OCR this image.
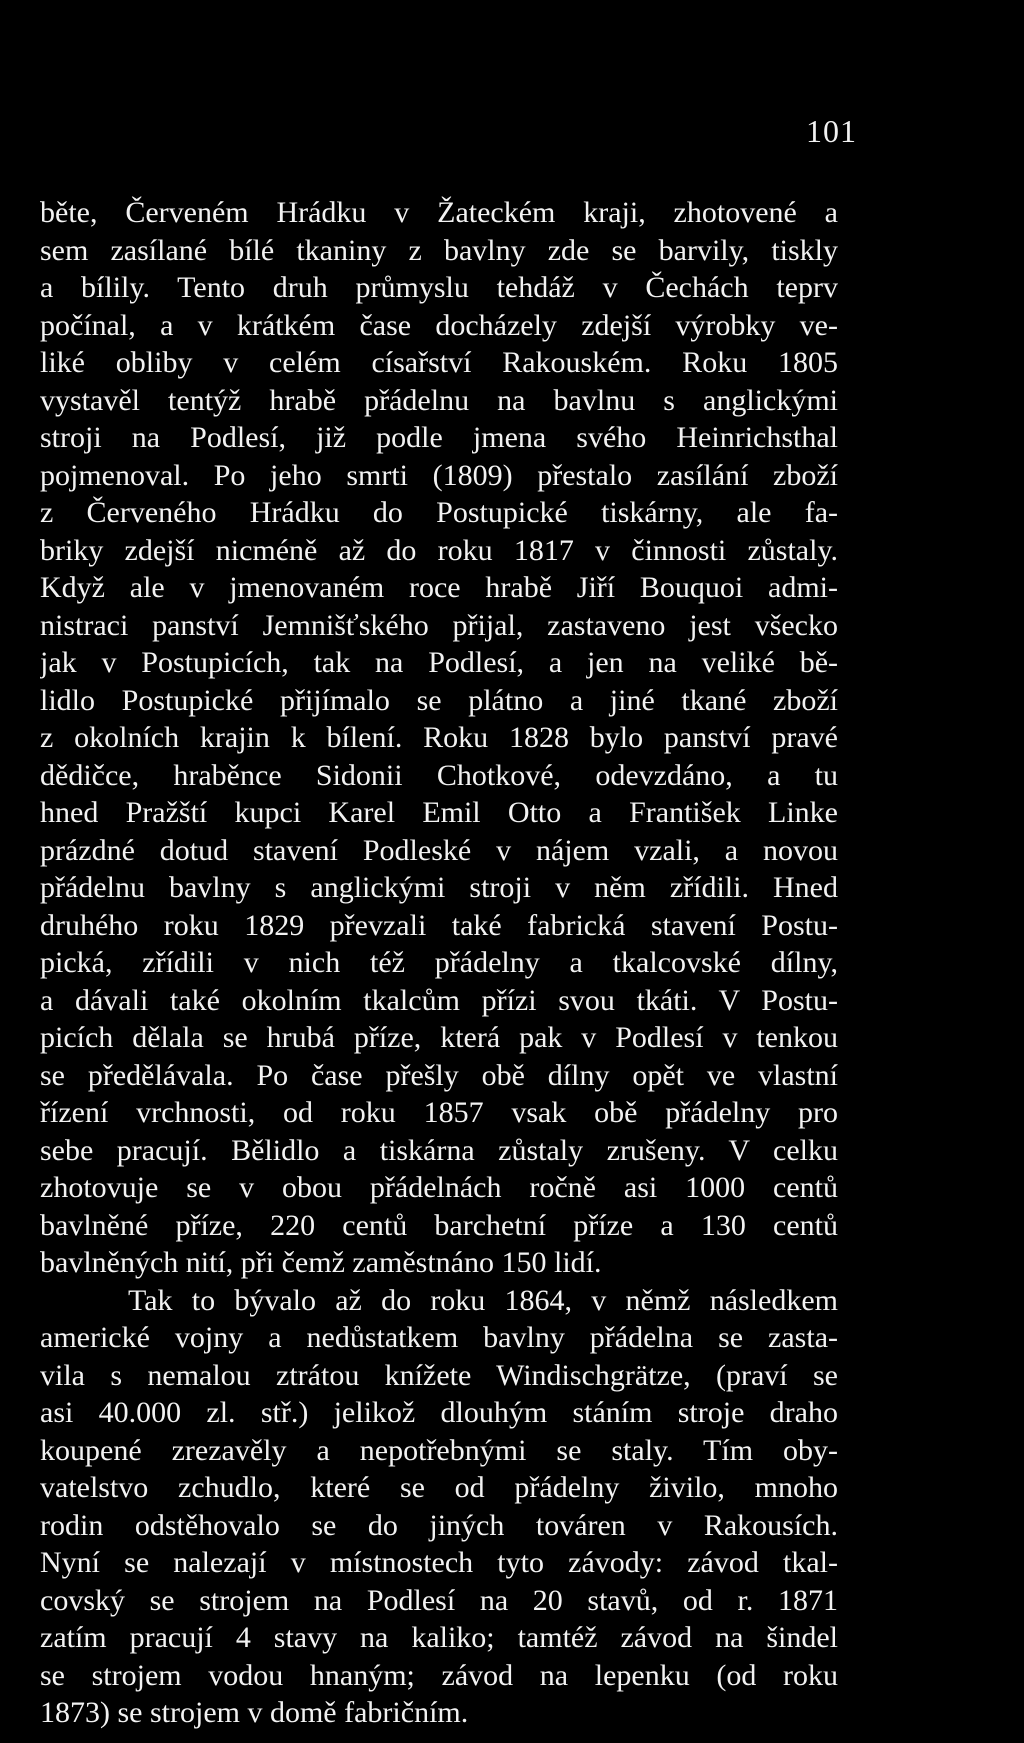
101
běte, Červeném Hrádku v Žateckém kraji, zhotovené a
sem zasílané bílé tkaniny z bavlny zde se barvily, tiskly
a bílily. Tento druh průmyslu tehdáž v Čechách teprv
počínal, a v krátkém čase docházely zdejší výrobky ve-
liké obliby v celém císařství Rakouském. Roku 1805
vystavěl tentýž hrabě přádelnu na bavlnu s anglickými
stroji na Podlesí, již podle jmena svého Heinrichsthal
pojmenoval. Po jeho smrti (1809) přestalo zasílání zboží
z Červeného Hrádku do Postupické tiskárny, ale fa-
briky zdejší nicméně až do roku 1817 v činnosti zůstaly.
Když ale v jmenovaném roce hrabě Jiří Bouquoi admi-
nistraci panství Jemnišťského přijal, zastaveno jest všecko
jak v Postupicích, tak na Podlesí, a jen na veliké bě-
lidlo Postupické přijímalo se plátno a jiné tkané zboží
z okolních krajin k bílení. Roku 1828 bylo panství pravé
dědičce, hraběnce Sidonii Chotkové, odevzdáno, a tu
hned Pražští kupci Karel Emil Otto a František Linke
prázdné dotud stavení Podleské v nájem vzali, a novou
přádelnu bavlny s anglickými stroji v něm zřídili. Hned
druhého roku 1829 převzali také fabrická stavení Postu-
pická, zřídili v nich též přádelny a tkalcovské dílny,
a dávali také okolním tkalcům přízi svou tkáti. V Postu-
picích dělala se hrubá příze, která pak v Podlesí v tenkou
se předělávala. Po čase přešly obě dílny opět ve vlastní
řízení vrchnosti, od roku 1857 vsak obě přádelny pro
sebe pracují. Bělidlo a tiskárna zůstaly zrušeny. V celku
zhotovuje se v obou přádelnách ročně asi 1000 centů
bavlněné příze, 220 centů barchetní příze a 130 centů
bavlněných nití, při čemž zaměstnáno 150 lidí.
Tak to bývalo až do roku 1864, v němž následkem
americké vojny a nedůstatkem bavlny přádelna se zasta-
vila s nemalou ztrátou knížete Windischgrätze, (praví se
asi 40.000 zl. stř.) jelikož dlouhým stáním stroje draho
koupené zrezavěly a nepotřebnými se staly. Tím oby-
vatelstvo zchudlo, které se od přádelny živilo, mnoho
rodin odstěhovalo se do jiných továren v Rakousích.
Nyní se nalezají v místnostech tyto závody: závod tkal-
covský se strojem na Podlesí na 20 stavů, od r. 1871
zatím pracují 4 stavy na kaliko; tamtéž závod na šindel
se strojem vodou hnaným; závod na lepenku (od roku
1873) se strojem v domě fabričním.
